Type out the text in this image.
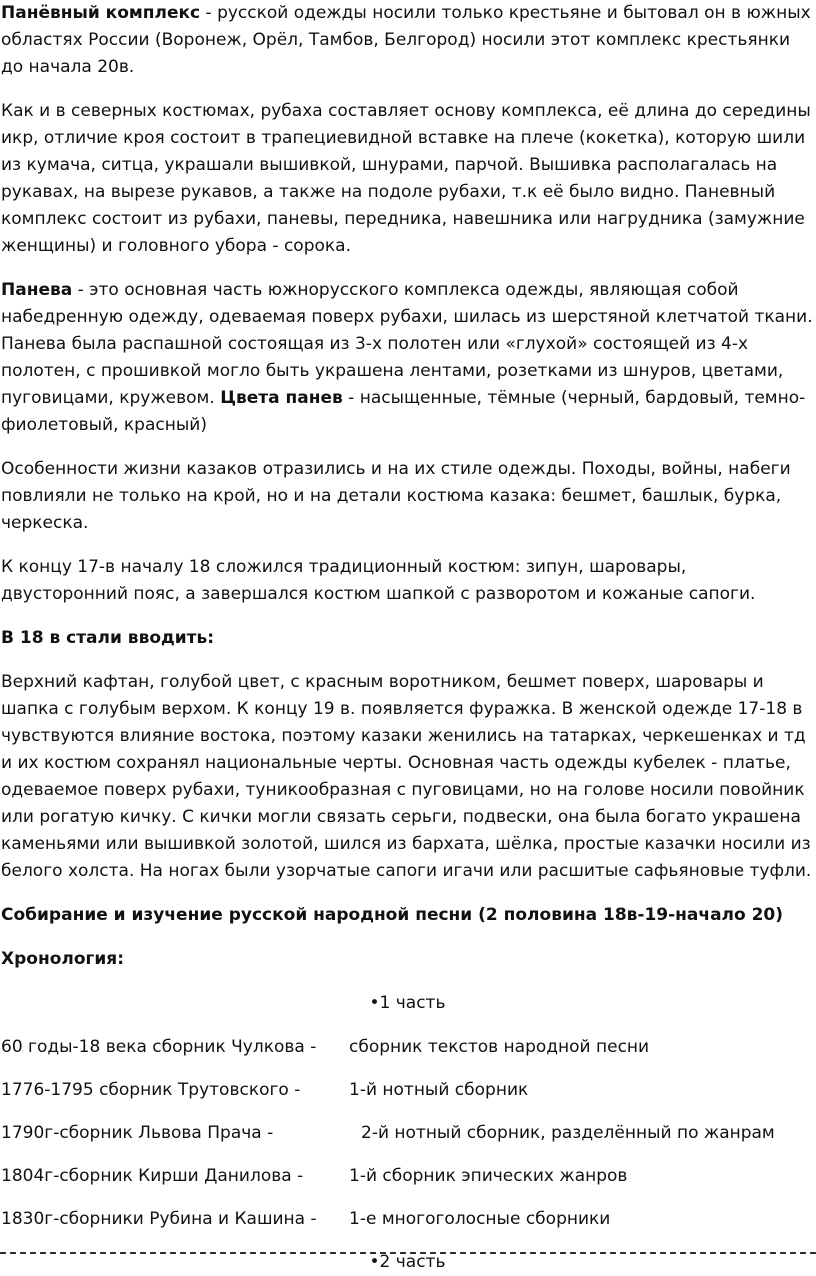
Панёвный комплекс - русской одежды носили только крестьяне и бытовал он в южных областях России (Воронеж, Орёл, Тамбов, Белгород) носили этот комплекс крестьянки до начала 20в.

Как и в северных костюмах, рубаха составляет основу комплекса, её длина до середины икр, отличие кроя состоит в трапециевидной вставке на плече (кокетка), которую шили из кумача, ситца, украшали вышивкой, шнурами, парчой. Вышивка располагалась на рукавах, на вырезе рукавов, а также на подоле рубахи, т.к её было видно. Паневный комплекс состоит из рубахи, паневы, передника, навешника или нагрудника (замужние женщины) и головного убора - сорока.

Панева - это основная часть южнорусского комплекса одежды, являющая собой набедренную одежду, одеваемая поверх рубахи, шилась из шерстяной клетчатой ткани. Панева была распашной состоящая из 3-х полотен или «глухой» состоящей из 4-х полотен, с прошивкой могло быть украшена лентами, розетками из шнуров, цветами, пуговицами, кружевом. Цвета панев - насыщенные, тёмные (черный, бардовый, темно-фиолетовый, красный)

Особенности жизни казаков отразились и на их стиле одежды. Походы, войны, набеги повлияли не только на крой, но и на детали костюма казака: бешмет, башлык, бурка, черкеска.

К концу 17-в началу 18 сложился традиционный костюм: зипун, шаровары, двусторонний пояс, а завершался костюм шапкой с разворотом и кожаные сапоги.

В 18 в стали вводить:

Верхний кафтан, голубой цвет, с красным воротником, бешмет поверх, шаровары и шапка с голубым верхом. К концу 19 в. появляется фуражка. В женской одежде 17-18 в чувствуются влияние востока, поэтому казаки женились на татарках, черкешенках и тд и их костюм сохранял национальные черты. Основная часть одежды кубелек - платье, одеваемое поверх рубахи, туникообразная с пуговицами, но на голове носили повойник или рогатую кичку. С кички могли связать серьги, подвески, она была богато украшена каменьями или вышивкой золотой, шился из бархата, шёлка, простые казачки носили из белого холста. На ногах были узорчатые сапоги игачи или расшитые сафьяновые туфли.

Собирание и изучение русской народной песни (2 половина 18в-19-начало 20)

Хронология:

•1 часть

60 годы-18 века сборник Чулкова -	сборник текстов народной песни
1776-1795 сборник Трутовского -	1-й нотный сборник
1790г-сборник Львова Прача -	2-й нотный сборник, разделённый по жанрам
1804г-сборник Кирши Данилова -	1-й сборник эпических жанров
1830г-сборники Рубина и Кашина -	1-е многоголосные сборники

•2 часть
